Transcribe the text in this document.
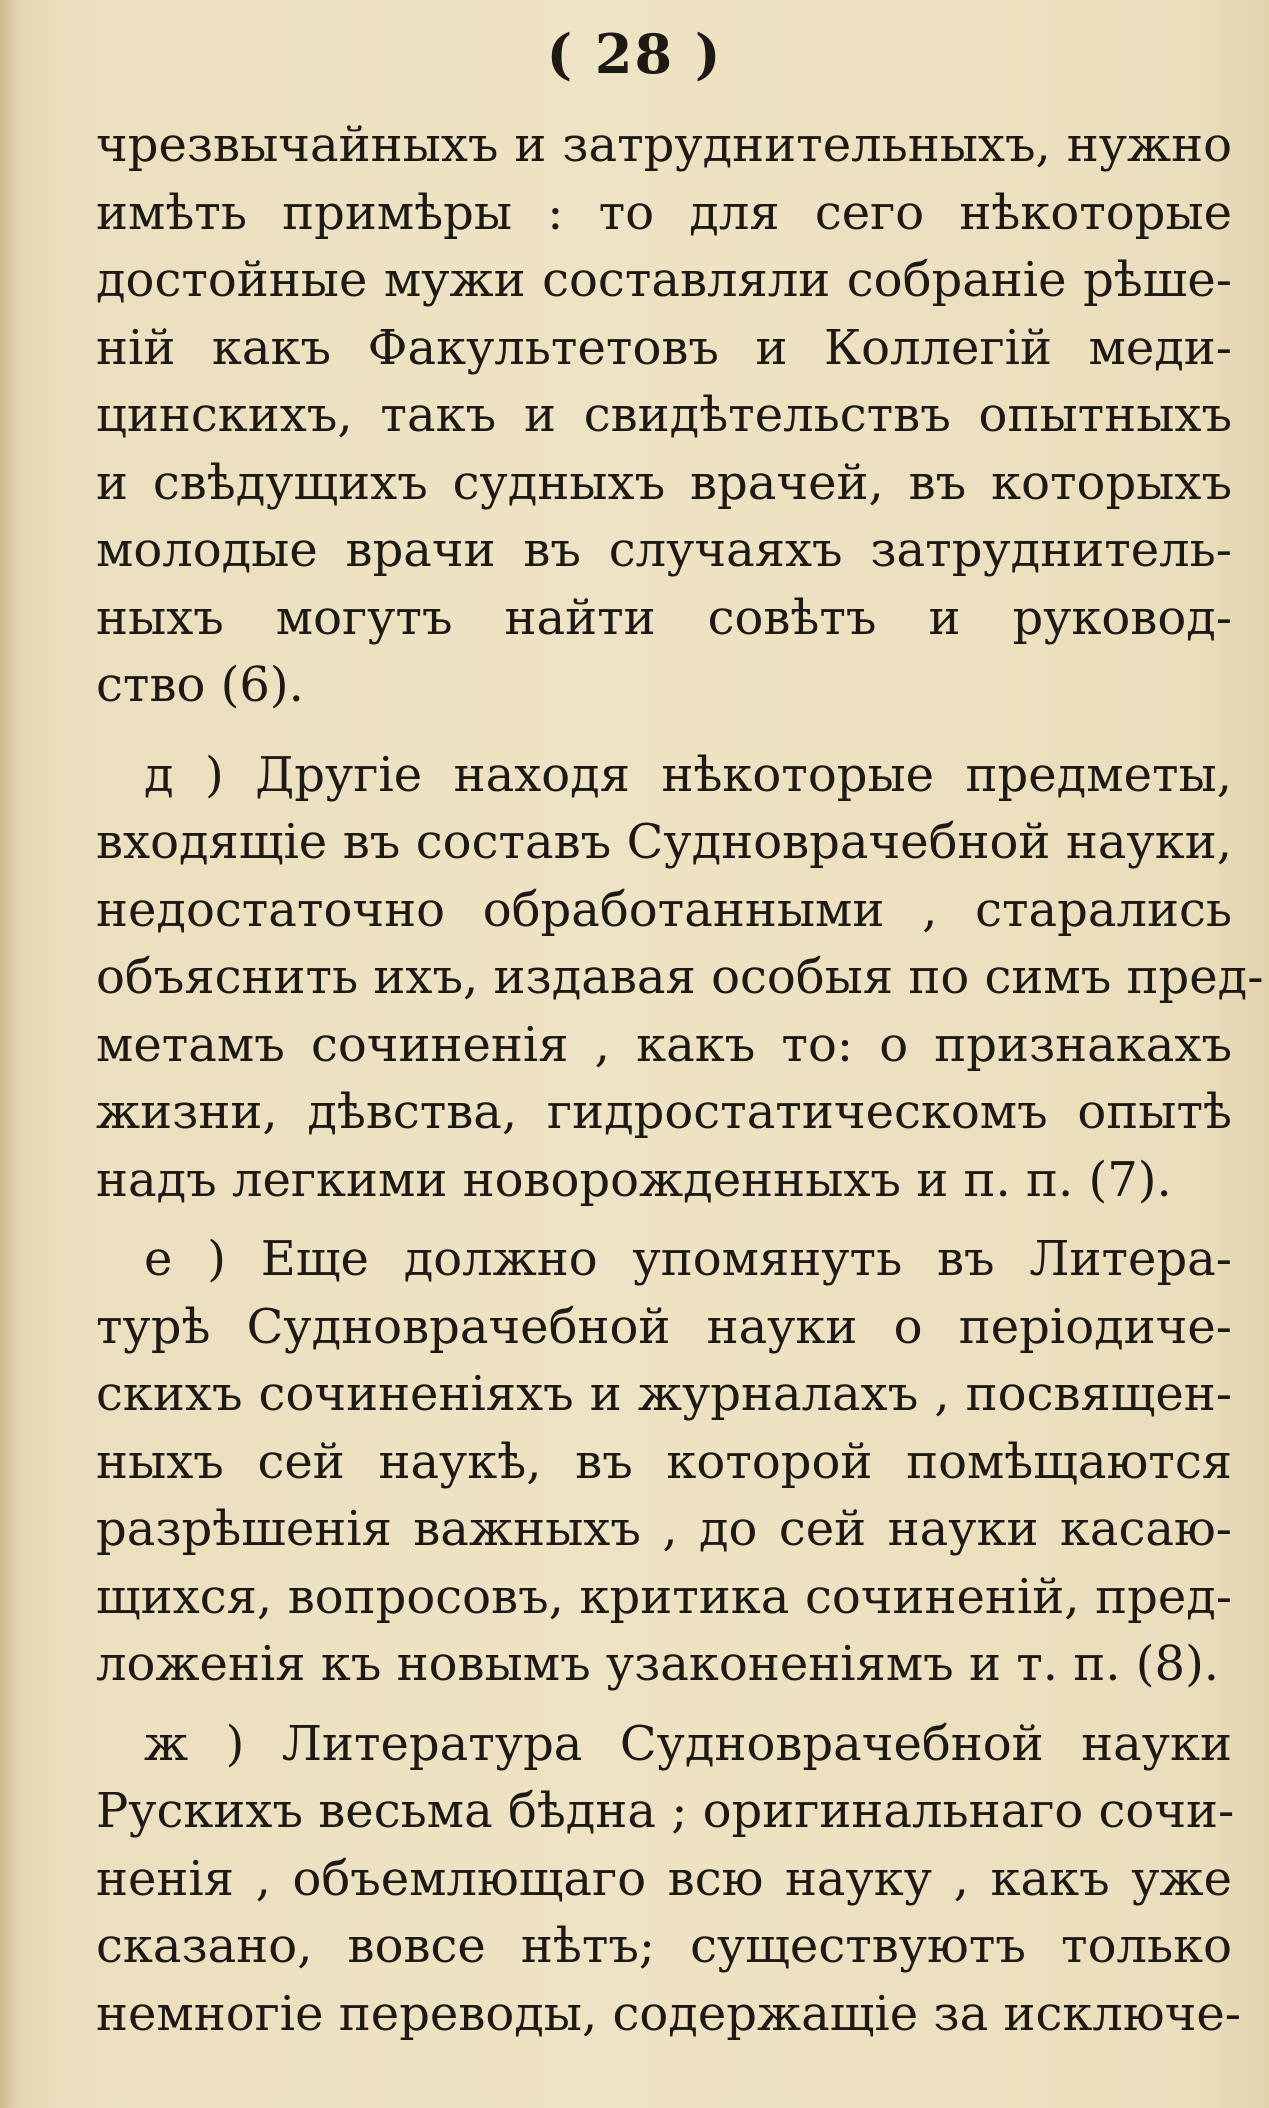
( 28 )
чрезвычайныхъ и затруднительныхъ, нужно
имѣть примѣры : то для сего нѣкоторые
достойные мужи составляли собраніе рѣше-
ній какъ Факультетовъ и Коллегій меди-
цинскихъ, такъ и свидѣтельствъ опытныхъ
и свѣдущихъ судныхъ врачей, въ которыхъ
молодые врачи въ случаяхъ затруднитель-
ныхъ могутъ найти совѣтъ и руковод-
ство (6).
д ) Другіе находя нѣкоторые предметы,
входящіе въ составъ Судноврачебной науки,
недостаточно обработанными , старались
объяснить ихъ, издавая особыя по симъ пред-
метамъ сочиненія , какъ то: о признакахъ
жизни, дѣвства, гидростатическомъ опытѣ
надъ легкими новорожденныхъ и п. п. (7).
е ) Еще должно упомянуть въ Литера-
турѣ Судноврачебной науки о періодиче-
скихъ сочиненіяхъ и журналахъ , посвящен-
ныхъ сей наукѣ, въ которой помѣщаются
разрѣшенія важныхъ , до сей науки касаю-
щихся, вопросовъ, критика сочиненій, пред-
ложенія къ новымъ узаконеніямъ и т. п. (8).
ж ) Литература Судноврачебной науки
Рускихъ весьма бѣдна ; оригинальнаго сочи-
ненія , объемлющаго всю науку , какъ уже
сказано, вовсе нѣтъ; существуютъ только
немногіе переводы, содержащіе за исключе-
